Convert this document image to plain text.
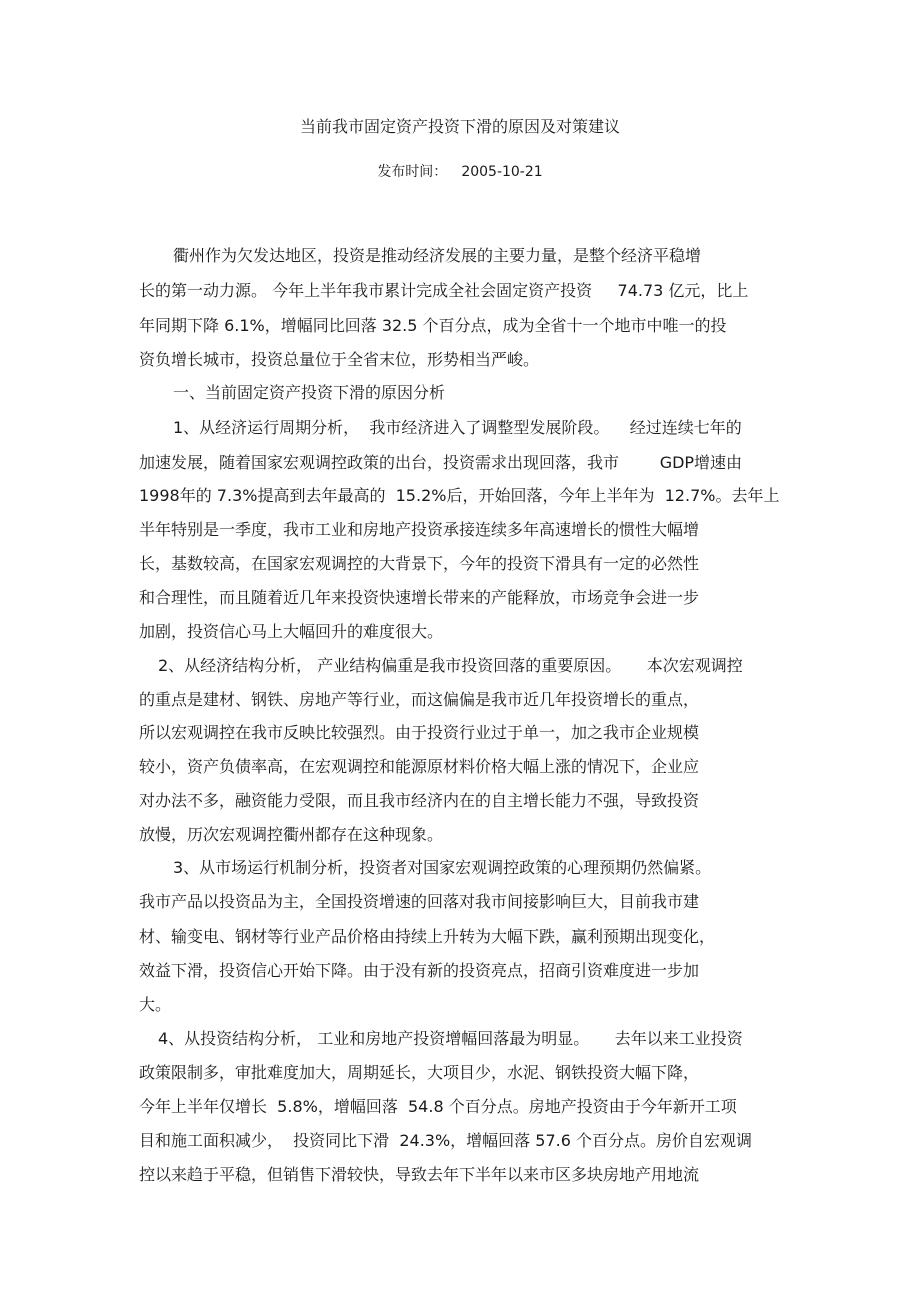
当前我市固定资产投资下滑的原因及对策建议
发布时间： 2005-10-21
衢州作为欠发达地区，投资是推动经济发展的主要力量，是整个经济平稳增
长的第一动力源。 今年上半年我市累计完成全社会固定资产投资     74.73 亿元，比上
年同期下降 6.1%，增幅同比回落 32.5 个百分点，成为全省十一个地市中唯一的投
资负增长城市，投资总量位于全省末位，形势相当严峻。
一、当前固定资产投资下滑的原因分析
1、从经济运行周期分析，  我市经济进入了调整型发展阶段。    经过连续七年的
加速发展，随着国家宏观调控政策的出台，投资需求出现回落，我市        GDP增速由
1998年的 7.3%提高到去年最高的  15.2%后，开始回落，今年上半年为  12.7%。去年上
半年特别是一季度，我市工业和房地产投资承接连续多年高速增长的惯性大幅增
长，基数较高，在国家宏观调控的大背景下，今年的投资下滑具有一定的必然性
和合理性，而且随着近几年来投资快速增长带来的产能释放，市场竞争会进一步
加剧，投资信心马上大幅回升的难度很大。
2、从经济结构分析， 产业结构偏重是我市投资回落的重要原因。     本次宏观调控
的重点是建材、钢铁、房地产等行业，而这偏偏是我市近几年投资增长的重点，
所以宏观调控在我市反映比较强烈。由于投资行业过于单一，加之我市企业规模
较小，资产负债率高，在宏观调控和能源原材料价格大幅上涨的情况下，企业应
对办法不多，融资能力受限，而且我市经济内在的自主增长能力不强，导致投资
放慢，历次宏观调控衢州都存在这种现象。
3、从市场运行机制分析，投资者对国家宏观调控政策的心理预期仍然偏紧。
我市产品以投资品为主，全国投资增速的回落对我市间接影响巨大，目前我市建
材、输变电、钢材等行业产品价格由持续上升转为大幅下跌，赢利预期出现变化，
效益下滑，投资信心开始下降。由于没有新的投资亮点，招商引资难度进一步加
大。
4、从投资结构分析， 工业和房地产投资增幅回落最为明显。     去年以来工业投资
政策限制多，审批难度加大，周期延长，大项目少，水泥、钢铁投资大幅下降，
今年上半年仅增长  5.8%，增幅回落  54.8 个百分点。房地产投资由于今年新开工项
目和施工面积减少，  投资同比下滑  24.3%，增幅回落 57.6 个百分点。房价自宏观调
控以来趋于平稳，但销售下滑较快，导致去年下半年以来市区多块房地产用地流
